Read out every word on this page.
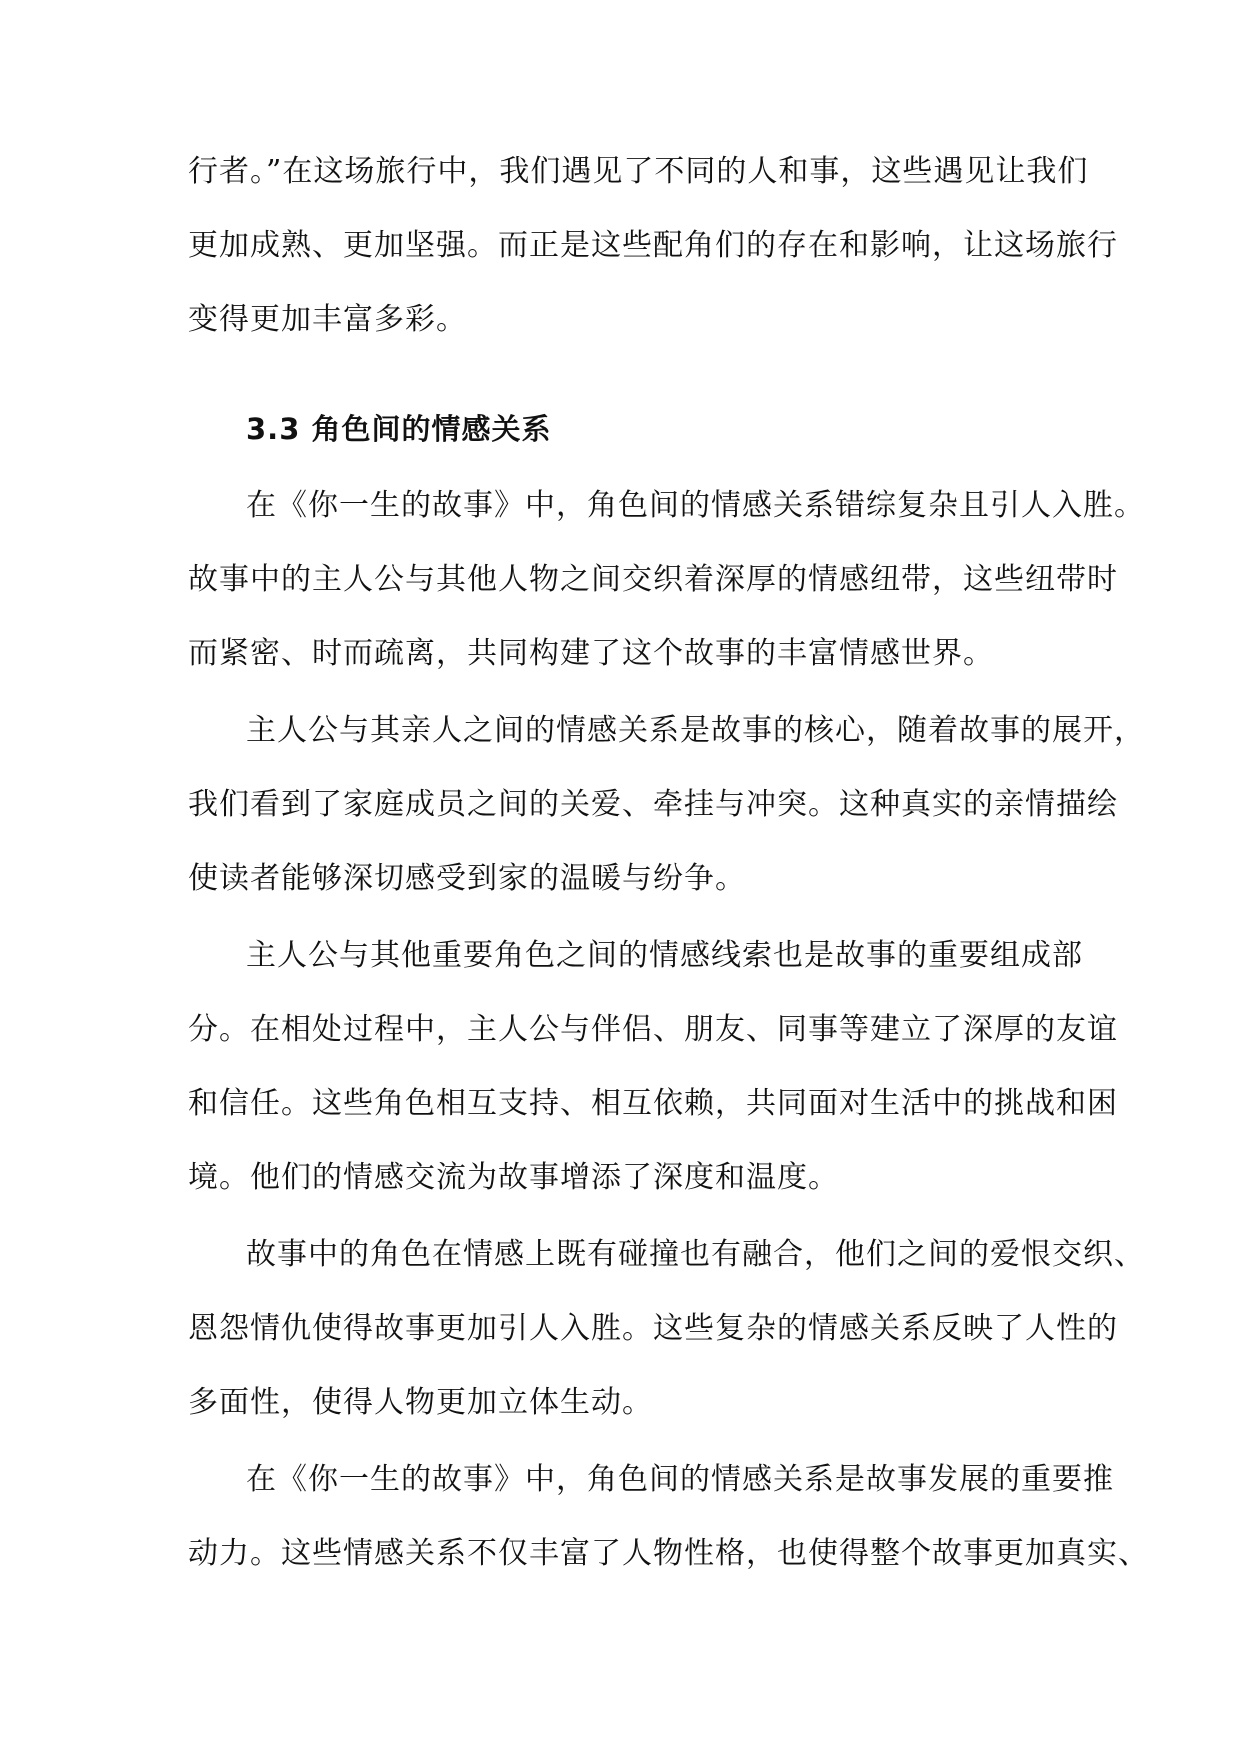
行者。”在这场旅行中，我们遇见了不同的人和事，这些遇见让我们
更加成熟、更加坚强。而正是这些配角们的存在和影响，让这场旅行
变得更加丰富多彩。
3.3 角色间的情感关系
在《你一生的故事》中，角色间的情感关系错综复杂且引人入胜。
故事中的主人公与其他人物之间交织着深厚的情感纽带，这些纽带时
而紧密、时而疏离，共同构建了这个故事的丰富情感世界。
主人公与其亲人之间的情感关系是故事的核心，随着故事的展开，
我们看到了家庭成员之间的关爱、牵挂与冲突。这种真实的亲情描绘
使读者能够深切感受到家的温暖与纷争。
主人公与其他重要角色之间的情感线索也是故事的重要组成部
分。在相处过程中，主人公与伴侣、朋友、同事等建立了深厚的友谊
和信任。这些角色相互支持、相互依赖，共同面对生活中的挑战和困
境。他们的情感交流为故事增添了深度和温度。
故事中的角色在情感上既有碰撞也有融合，他们之间的爱恨交织、
恩怨情仇使得故事更加引人入胜。这些复杂的情感关系反映了人性的
多面性，使得人物更加立体生动。
在《你一生的故事》中，角色间的情感关系是故事发展的重要推
动力。这些情感关系不仅丰富了人物性格，也使得整个故事更加真实、
